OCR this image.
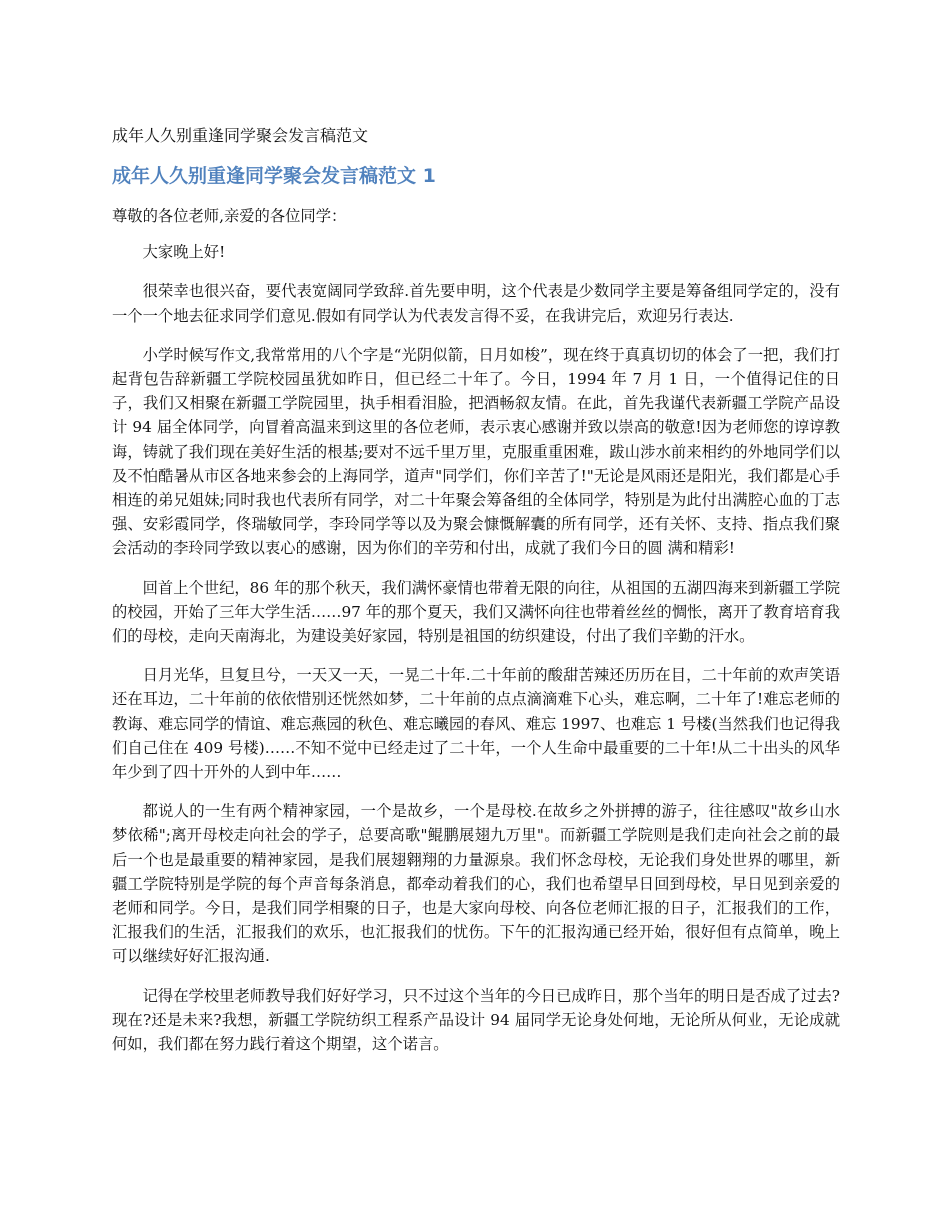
成年人久别重逢同学聚会发言稿范文

成年人久别重逢同学聚会发言稿范文 1

尊敬的各位老师,亲爱的各位同学：

大家晚上好!

很荣幸也很兴奋，要代表宽阔同学致辞.首先要申明，这个代表是少数同学主要是筹备组同学定的，没有一个一个地去征求同学们意见.假如有同学认为代表发言得不妥，在我讲完后，欢迎另行表达.

小学时候写作文,我常常用的八个字是“光阴似箭，日月如梭”，现在终于真真切切的体会了一把，我们打起背包告辞新疆工学院校园虽犹如昨日，但已经二十年了。今日，1994 年 7 月 1 日，一个值得记住的日子，我们又相聚在新疆工学院园里，执手相看泪脸，把酒畅叙友情。在此，首先我谨代表新疆工学院产品设计 94 届全体同学，向冒着高温来到这里的各位老师，表示衷心感谢并致以崇高的敬意!因为老师您的谆谆教诲，铸就了我们现在美好生活的根基;要对不远千里万里，克服重重困难，跋山涉水前来相约的外地同学们以及不怕酷暑从市区各地来参会的上海同学，道声"同学们，你们辛苦了!"无论是风雨还是阳光，我们都是心手相连的弟兄姐妹;同时我也代表所有同学，对二十年聚会筹备组的全体同学，特别是为此付出满腔心血的丁志强、安彩霞同学，佟瑞敏同学，李玲同学等以及为聚会慷慨解囊的所有同学，还有关怀、支持、指点我们聚会活动的李玲同学致以衷心的感谢，因为你们的辛劳和付出，成就了我们今日的圆 满和精彩!

回首上个世纪，86 年的那个秋天，我们满怀豪情也带着无限的向往，从祖国的五湖四海来到新疆工学院的校园，开始了三年大学生活……97 年的那个夏天，我们又满怀向往也带着丝丝的惆怅，离开了教育培育我们的母校，走向天南海北，为建设美好家园，特别是祖国的纺织建设，付出了我们辛勤的汗水。

日月光华，旦复旦兮，一天又一天，一晃二十年.二十年前的酸甜苦辣还历历在目，二十年前的欢声笑语还在耳边，二十年前的依依惜别还恍然如梦，二十年前的点点滴滴难下心头，难忘啊，二十年了!难忘老师的教诲、难忘同学的情谊、难忘燕园的秋色、难忘曦园的春风、难忘 1997、也难忘 1 号楼(当然我们也记得我们自己住在 409 号楼)……不知不觉中已经走过了二十年，一个人生命中最重要的二十年!从二十出头的风华年少到了四十开外的人到中年……

都说人的一生有两个精神家园，一个是故乡，一个是母校.在故乡之外拼搏的游子，往往感叹"故乡山水梦依稀";离开母校走向社会的学子，总要高歌"鲲鹏展翅九万里"。而新疆工学院则是我们走向社会之前的最后一个也是最重要的精神家园，是我们展翅翱翔的力量源泉。我们怀念母校，无论我们身处世界的哪里，新疆工学院特别是学院的每个声音每条消息，都牵动着我们的心，我们也希望早日回到母校，早日见到亲爱的老师和同学。今日，是我们同学相聚的日子，也是大家向母校、向各位老师汇报的日子，汇报我们的工作，汇报我们的生活，汇报我们的欢乐，也汇报我们的忧伤。下午的汇报沟通已经开始，很好但有点简单，晚上可以继续好好汇报沟通.

记得在学校里老师教导我们好好学习，只不过这个当年的今日已成昨日，那个当年的明日是否成了过去?现在?还是未来?我想，新疆工学院纺织工程系产品设计 94 届同学无论身处何地，无论所从何业，无论成就何如，我们都在努力践行着这个期望，这个诺言。
